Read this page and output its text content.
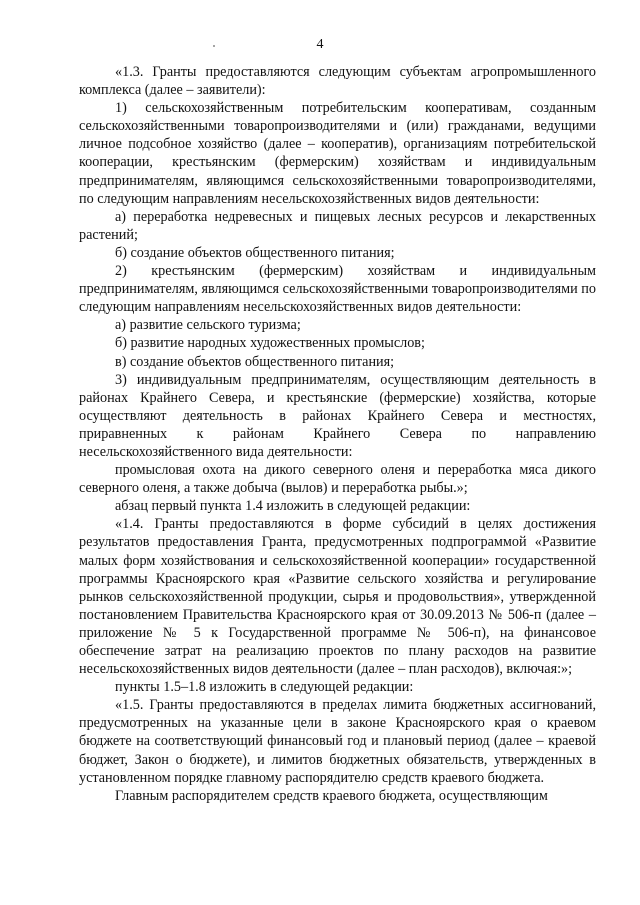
4

«1.3. Гранты предоставляются следующим субъектам агропромышленного комплекса (далее – заявители):

1) сельскохозяйственным потребительским кооперативам, созданным сельскохозяйственными товаропроизводителями и (или) гражданами, ведущими личное подсобное хозяйство (далее – кооператив), организациям потребительской кооперации, крестьянским (фермерским) хозяйствам и индивидуальным предпринимателям, являющимся сельскохозяйственными товаропроизводителями, по следующим направлениям несельскохозяйственных видов деятельности:

а) переработка недревесных и пищевых лесных ресурсов и лекарственных растений;

б) создание объектов общественного питания;

2) крестьянским (фермерским) хозяйствам и индивидуальным предпринимателям, являющимся сельскохозяйственными товаропроизводителями по следующим направлениям несельскохозяйственных видов деятельности:

а) развитие сельского туризма;

б) развитие народных художественных промыслов;

в) создание объектов общественного питания;

3) индивидуальным предпринимателям, осуществляющим деятельность в районах Крайнего Севера, и крестьянские (фермерские) хозяйства, которые осуществляют деятельность в районах Крайнего Севера и местностях, приравненных к районам Крайнего Севера по направлению несельскохозяйственного вида деятельности:

промысловая охота на дикого северного оленя и переработка мяса дикого северного оленя, а также добыча (вылов) и переработка рыбы.»;

абзац первый пункта 1.4 изложить в следующей редакции:

«1.4. Гранты предоставляются в форме субсидий в целях достижения результатов предоставления Гранта, предусмотренных подпрограммой «Развитие малых форм хозяйствования и сельскохозяйственной кооперации» государственной программы Красноярского края «Развитие сельского хозяйства и регулирование рынков сельскохозяйственной продукции, сырья и продовольствия», утвержденной постановлением Правительства Красноярского края от 30.09.2013 № 506-п (далее – приложение № 5 к Государственной программе № 506-п), на финансовое обеспечение затрат на реализацию проектов по плану расходов на развитие несельскохозяйственных видов деятельности (далее – план расходов), включая:»;

пункты 1.5–1.8 изложить в следующей редакции:

«1.5. Гранты предоставляются в пределах лимита бюджетных ассигнований, предусмотренных на указанные цели в законе Красноярского края о краевом бюджете на соответствующий финансовый год и плановый период (далее – краевой бюджет, Закон о бюджете), и лимитов бюджетных обязательств, утвержденных в установленном порядке главному распорядителю средств краевого бюджета.

Главным распорядителем средств краевого бюджета, осуществляющим
